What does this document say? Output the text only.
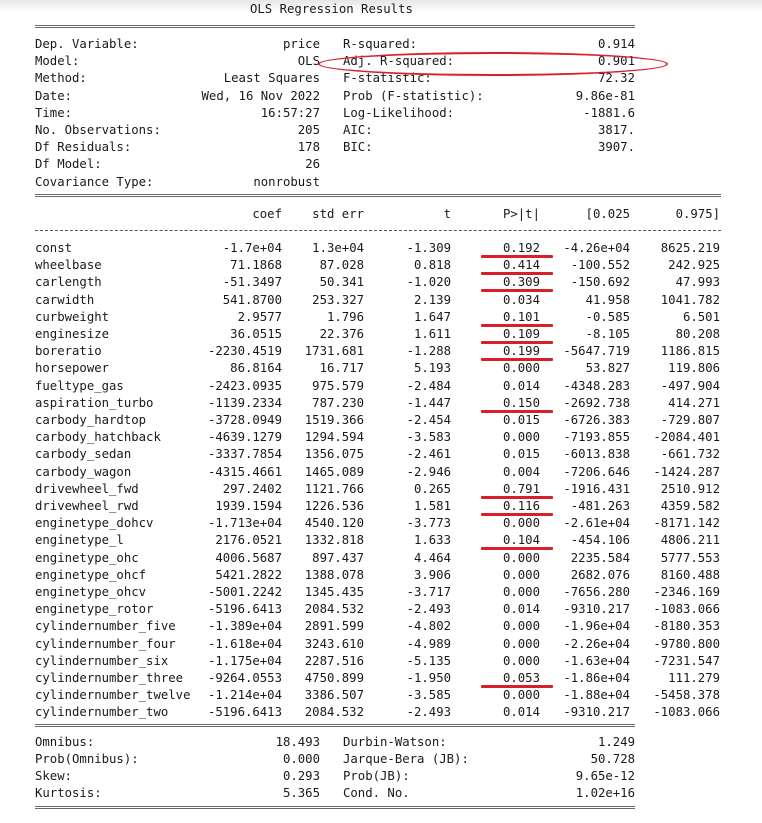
OLS Regression Results
Dep. Variable:	price R-squared:	0.914
Model:	OLS Adj. R-squared:	0.901
Method:	Least Squares F-statistic:	72.32
Date:	Wed, 16 Nov 2022 Prob (F-statistic):	9.86e-81
Time:	16:57:27 Log-Likelihood:	-1881.6
No. Observations:	205 AIC:	3817.
Df Residuals:	178 BIC:	3907.
Df Model:	26
Covariance Type:	nonrobust
coef	std err	t	P>|t|	[0.025	0.975]
const	-1.7e+04	1.3e+04	-1.309	0.192	-4.26e+04	8625.219
wheelbase	71.1868	87.028	0.818	0.414	-100.552	242.925
carlength	-51.3497	50.341	-1.020	0.309	-150.692	47.993
carwidth	541.8700	253.327	2.139	0.034	41.958	1041.782
curbweight	2.9577	1.796	1.647	0.101	-0.585	6.501
enginesize	36.0515	22.376	1.611	0.109	-8.105	80.208
boreratio	-2230.4519	1731.681	-1.288	0.199	-5647.719	1186.815
horsepower	86.8164	16.717	5.193	0.000	53.827	119.806
fueltype_gas	-2423.0935	975.579	-2.484	0.014	-4348.283	-497.904
aspiration_turbo	-1139.2334	787.230	-1.447	0.150	-2692.738	414.271
carbody_hardtop	-3728.0949	1519.366	-2.454	0.015	-6726.383	-729.807
carbody_hatchback	-4639.1279	1294.594	-3.583	0.000	-7193.855	-2084.401
carbody_sedan	-3337.7854	1356.075	-2.461	0.015	-6013.838	-661.732
carbody_wagon	-4315.4661	1465.089	-2.946	0.004	-7206.646	-1424.287
drivewheel_fwd	297.2402	1121.766	0.265	0.791	-1916.431	2510.912
drivewheel_rwd	1939.1594	1226.536	1.581	0.116	-481.263	4359.582
enginetype_dohcv	-1.713e+04	4540.120	-3.773	0.000	-2.61e+04	-8171.142
enginetype_l	2176.0521	1332.818	1.633	0.104	-454.106	4806.211
enginetype_ohc	4006.5687	897.437	4.464	0.000	2235.584	5777.553
enginetype_ohcf	5421.2822	1388.078	3.906	0.000	2682.076	8160.488
enginetype_ohcv	-5001.2242	1345.435	-3.717	0.000	-7656.280	-2346.169
enginetype_rotor	-5196.6413	2084.532	-2.493	0.014	-9310.217	-1083.066
cylindernumber_five	-1.389e+04	2891.599	-4.802	0.000	-1.96e+04	-8180.353
cylindernumber_four	-1.618e+04	3243.610	-4.989	0.000	-2.26e+04	-9780.800
cylindernumber_six	-1.175e+04	2287.516	-5.135	0.000	-1.63e+04	-7231.547
cylindernumber_three	-9264.0553	4750.899	-1.950	0.053	-1.86e+04	111.279
cylindernumber_twelve	-1.214e+04	3386.507	-3.585	0.000	-1.88e+04	-5458.378
cylindernumber_two	-5196.6413	2084.532	-2.493	0.014	-9310.217	-1083.066
Omnibus:	18.493 Durbin-Watson:	1.249
Prob(Omnibus):	0.000 Jarque-Bera (JB):	50.728
Skew:	0.293 Prob(JB):	9.65e-12
Kurtosis:	5.365 Cond. No.	1.02e+16
